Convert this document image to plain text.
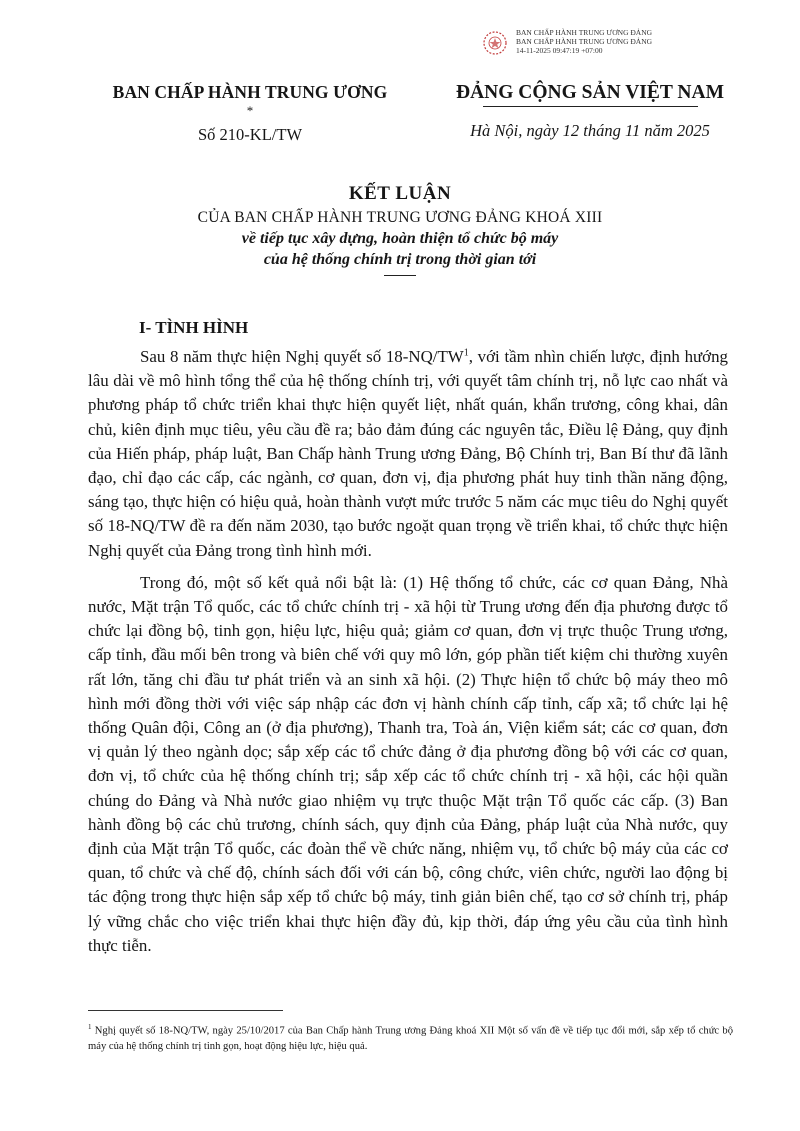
BAN CHẤP HÀNH TRUNG ƯƠNG ĐẢNG
BAN CHẤP HÀNH TRUNG ƯƠNG ĐẢNG
14-11-2025 09:47:19 +07:00
BAN CHẤP HÀNH TRUNG ƯƠNG
*
Số 210-KL/TW
ĐẢNG CỘNG SẢN VIỆT NAM
Hà Nội, ngày 12 tháng 11 năm 2025
KẾT LUẬN
CỦA BAN CHẤP HÀNH TRUNG ƯƠNG ĐẢNG KHOÁ XIII
về tiếp tục xây dựng, hoàn thiện tổ chức bộ máy
của hệ thống chính trị trong thời gian tới
I- TÌNH HÌNH

Sau 8 năm thực hiện Nghị quyết số $18-NQ/TW^1$, với tầm nhìn chiến lược, định hướng lâu dài về mô hình tổng thể của hệ thống chính trị, với quyết tâm chính trị, nỗ lực cao nhất và phương pháp tổ chức triển khai thực hiện quyết liệt, nhất quán, khẩn trương, công khai, dân chủ, kiên định mục tiêu, yêu cầu đề ra; bảo đảm đúng các nguyên tắc, Điều lệ Đảng, quy định của Hiến pháp, pháp luật, Ban Chấp hành Trung ương Đảng, Bộ Chính trị, Ban Bí thư đã lãnh đạo, chỉ đạo các cấp, các ngành, cơ quan, đơn vị, địa phương phát huy tinh thần năng động, sáng tạo, thực hiện có hiệu quả, hoàn thành vượt mức trước 5 năm các mục tiêu do Nghị quyết số 18-NQ/TW đề ra đến năm 2030, tạo bước ngoặt quan trọng về triển khai, tổ chức thực hiện Nghị quyết của Đảng trong tình hình mới.

Trong đó, một số kết quả nổi bật là: (1) Hệ thống tổ chức, các cơ quan Đảng, Nhà nước, Mặt trận Tổ quốc, các tổ chức chính trị - xã hội từ Trung ương đến địa phương được tổ chức lại đồng bộ, tinh gọn, hiệu lực, hiệu quả; giảm cơ quan, đơn vị trực thuộc Trung ương, cấp tỉnh, đầu mối bên trong và biên chế với quy mô lớn, góp phần tiết kiệm chi thường xuyên rất lớn, tăng chi đầu tư phát triển và an sinh xã hội. (2) Thực hiện tổ chức bộ máy theo mô hình mới đồng thời với việc sáp nhập các đơn vị hành chính cấp tỉnh, cấp xã; tổ chức lại hệ thống Quân đội, Công an (ở địa phương), Thanh tra, Toà án, Viện kiểm sát; các cơ quan, đơn vị quản lý theo ngành dọc; sắp xếp các tổ chức đảng ở địa phương đồng bộ với các cơ quan, đơn vị, tổ chức của hệ thống chính trị; sắp xếp các tổ chức chính trị - xã hội, các hội quần chúng do Đảng và Nhà nước giao nhiệm vụ trực thuộc Mặt trận Tổ quốc các cấp. (3) Ban hành đồng bộ các chủ trương, chính sách, quy định của Đảng, pháp luật của Nhà nước, quy định của Mặt trận Tổ quốc, các đoàn thể về chức năng, nhiệm vụ, tổ chức bộ máy của các cơ quan, tổ chức và chế độ, chính sách đối với cán bộ, công chức, viên chức, người lao động bị tác động trong thực hiện sắp xếp tổ chức bộ máy, tinh giản biên chế, tạo cơ sở chính trị, pháp lý vững chắc cho việc triển khai thực hiện đầy đủ, kịp thời, đáp ứng yêu cầu của tình hình thực tiễn.

$^1$ Nghị quyết số 18-NQ/TW, ngày 25/10/2017 của Ban Chấp hành Trung ương Đảng khoá XII Một số vấn đề về tiếp tục đổi mới, sắp xếp tổ chức bộ máy của hệ thống chính trị tinh gọn, hoạt động hiệu lực, hiệu quả.
